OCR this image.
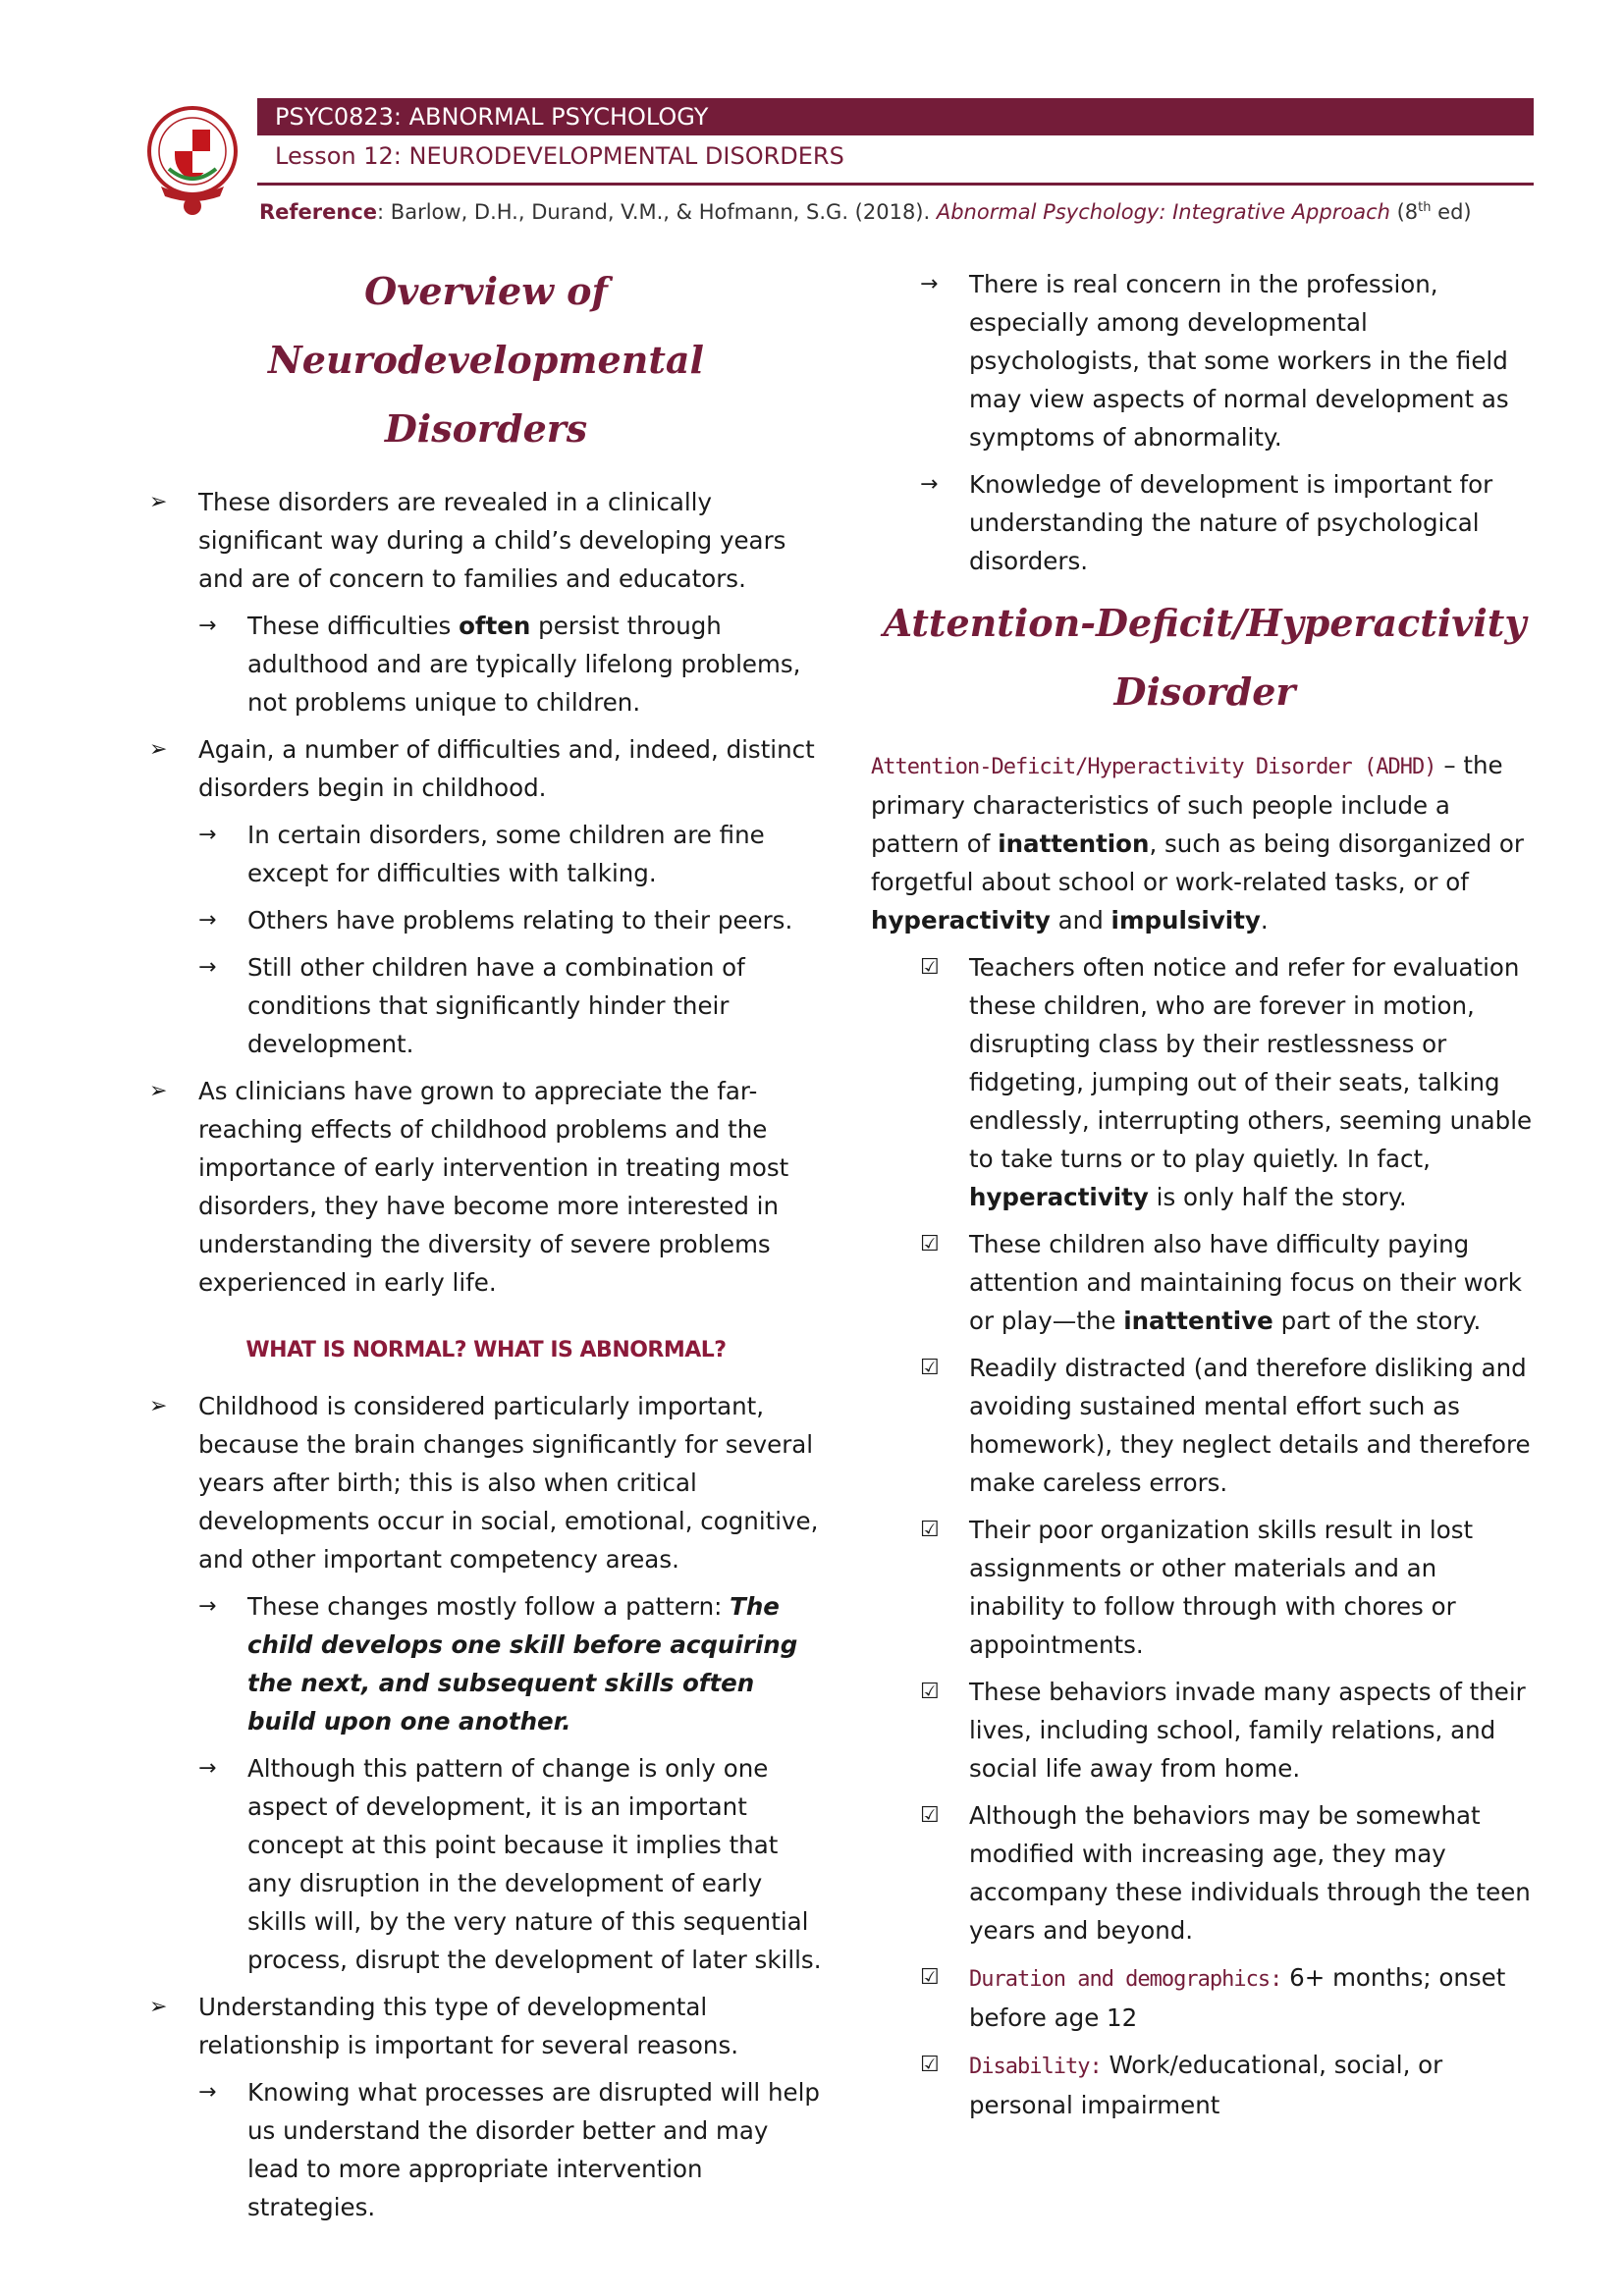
PSYC0823: ABNORMAL PSYCHOLOGY
Lesson 12: NEURODEVELOPMENTAL DISORDERS
Reference: Barlow, D.H., Durand, V.M., & Hofmann, S.G. (2018). Abnormal Psychology: Integrative Approach (8th ed)
Overview of Neurodevelopmental
Disorders
➢ These disorders are revealed in a clinically significant way during a child’s developing years and are of concern to families and educators.
→ These difficulties often persist through adulthood and are typically lifelong problems, not problems unique to children.
➢ Again, a number of difficulties and, indeed, distinct disorders begin in childhood.
→ In certain disorders, some children are fine except for difficulties with talking.
→ Others have problems relating to their peers.
→ Still other children have a combination of conditions that significantly hinder their development.
➢ As clinicians have grown to appreciate the far-reaching effects of childhood problems and the importance of early intervention in treating most disorders, they have become more interested in understanding the diversity of severe problems experienced in early life.
WHAT IS NORMAL? WHAT IS ABNORMAL?
➢ Childhood is considered particularly important, because the brain changes significantly for several years after birth; this is also when critical developments occur in social, emotional, cognitive, and other important competency areas.
→ These changes mostly follow a pattern: The child develops one skill before acquiring the next, and subsequent skills often build upon one another.
→ Although this pattern of change is only one aspect of development, it is an important concept at this point because it implies that any disruption in the development of early skills will, by the very nature of this sequential process, disrupt the development of later skills.
➢ Understanding this type of developmental relationship is important for several reasons.
→ Knowing what processes are disrupted will help us understand the disorder better and may lead to more appropriate intervention strategies.
→ There is real concern in the profession, especially among developmental psychologists, that some workers in the field may view aspects of normal development as symptoms of abnormality.
→ Knowledge of development is important for understanding the nature of psychological disorders.
Attention-Deficit/Hyperactivity
Disorder
Attention-Deficit/Hyperactivity Disorder (ADHD) – the primary characteristics of such people include a pattern of inattention, such as being disorganized or forgetful about school or work-related tasks, or of hyperactivity and impulsivity.
☑ Teachers often notice and refer for evaluation these children, who are forever in motion, disrupting class by their restlessness or fidgeting, jumping out of their seats, talking endlessly, interrupting others, seeming unable to take turns or to play quietly. In fact, hyperactivity is only half the story.
☑ These children also have difficulty paying attention and maintaining focus on their work or play—the inattentive part of the story.
☑ Readily distracted (and therefore disliking and avoiding sustained mental effort such as homework), they neglect details and therefore make careless errors.
☑ Their poor organization skills result in lost assignments or other materials and an inability to follow through with chores or appointments.
☑ These behaviors invade many aspects of their lives, including school, family relations, and social life away from home.
☑ Although the behaviors may be somewhat modified with increasing age, they may accompany these individuals through the teen years and beyond.
☑ Duration and demographics: 6+ months; onset before age 12
☑ Disability: Work/educational, social, or personal impairment
